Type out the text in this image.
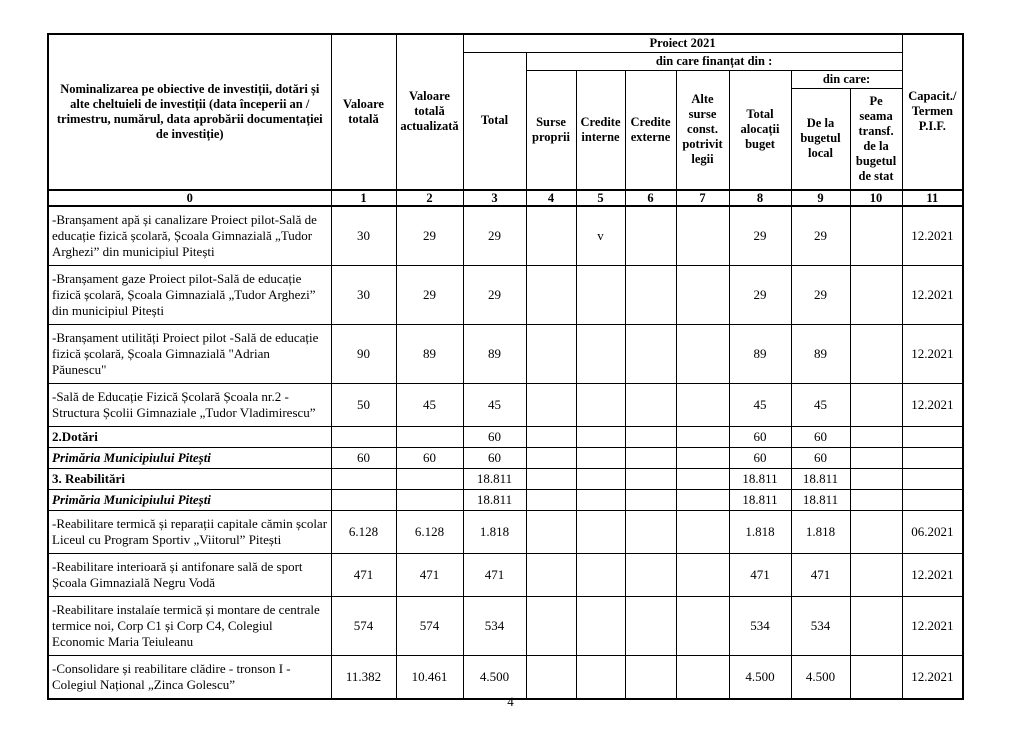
Nominalizarea pe obiective de investiții, dotări și alte cheltuieli de investiții (data începerii an / trimestru, numărul, data aprobării documentației de investiție)	Valoare totală	Valoare totală actualizată	Proiect 2021								Capacit./ Termen P.I.F.
			Total	din care finanțat din :							
				Surse proprii	Credite interne	Credite externe	Alte surse const. potrivit legii	Total alocații buget	din care:		
									De la bugetul local	Pe seama transf. de la bugetul de stat	
0	1	2	3	4	5	6	7	8	9	10	11
-Branșament apă și canalizare Proiect pilot-Sală de educație fizică școlară, Școala Gimnazială „Tudor Arghezi” din municipiul Pitești	30	29	29		v			29	29		12.2021
-Branșament gaze Proiect pilot-Sală de educație fizică școlară, Școala Gimnazială „Tudor Arghezi” din municipiul Pitești	30	29	29					29	29		12.2021
-Branșament utilități Proiect pilot -Sală de educație fizică școlară, Școala Gimnazială "Adrian Păunescu"	90	89	89					89	89		12.2021
-Sală de Educație Fizică Școlară Școala nr.2 - Structura Școlii Gimnaziale „Tudor Vladimirescu”	50	45	45					45	45		12.2021
2.Dotări			60					60	60		
Primăria Municipiului Pitești	60	60	60					60	60		
3. Reabilitări			18.811					18.811	18.811		
Primăria Municipiului Pitești			18.811					18.811	18.811		
-Reabilitare termică și reparații capitale cămin școlar Liceul cu Program Sportiv „Viitorul” Pitești	6.128	6.128	1.818					1.818	1.818		06.2021
-Reabilitare interioară și antifonare sală de sport Școala Gimnazială Negru Vodă	471	471	471					471	471		12.2021
-Reabilitare instalaíe termică și montare de centrale termice noi, Corp C1 și Corp C4, Colegiul Economic Maria Teiuleanu	574	574	534					534	534		12.2021
-Consolidare și reabilitare clădire - tronson I - Colegiul Național „Zinca Golescu”	11.382	10.461	4.500					4.500	4.500		12.2021
4
